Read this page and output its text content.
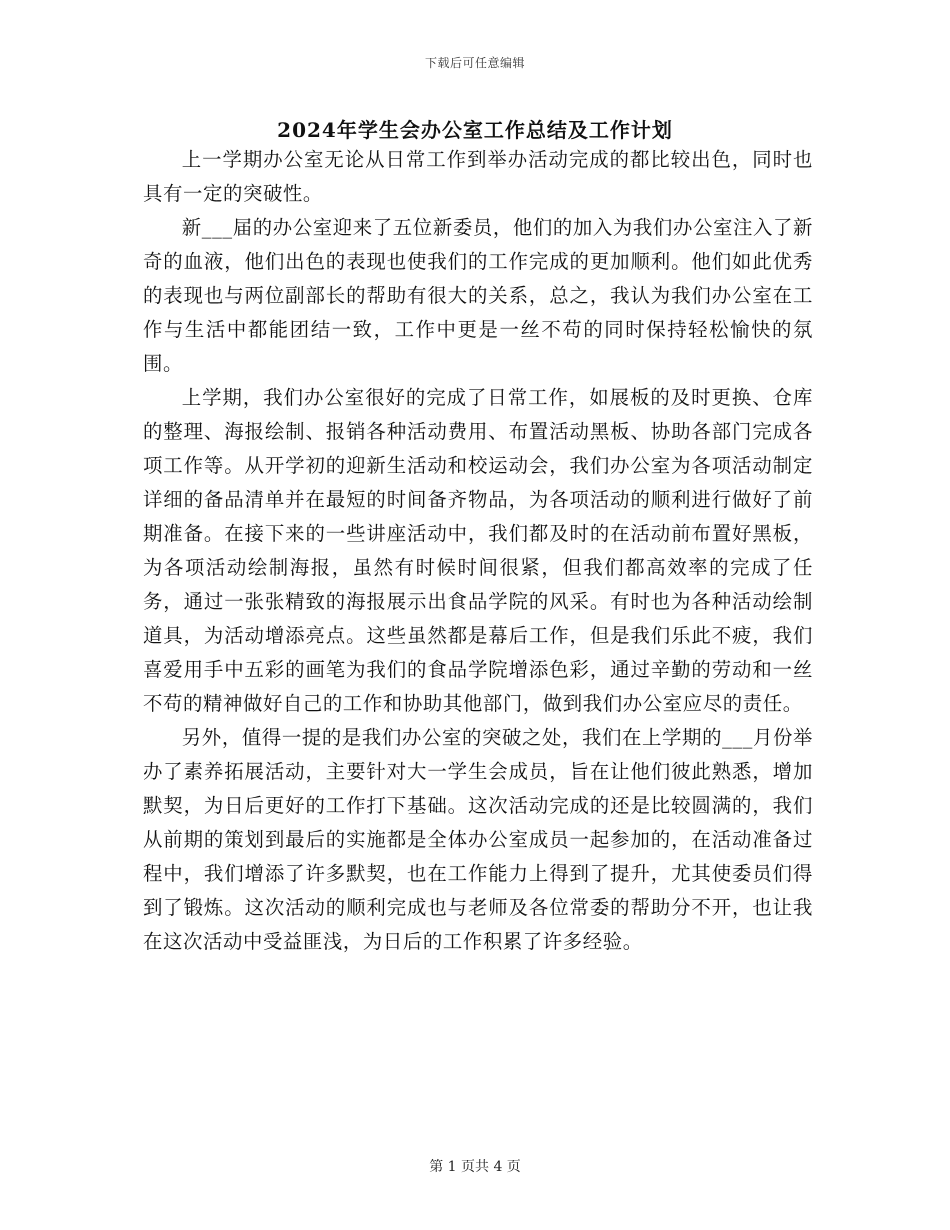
下载后可任意编辑
2024年学生会办公室工作总结及工作计划

上一学期办公室无论从日常工作到举办活动完成的都比较出色，同时也具有一定的突破性。

新___届的办公室迎来了五位新委员，他们的加入为我们办公室注入了新奇的血液，他们出色的表现也使我们的工作完成的更加顺利。他们如此优秀的表现也与两位副部长的帮助有很大的关系，总之，我认为我们办公室在工作与生活中都能团结一致，工作中更是一丝不苟的同时保持轻松愉快的氛围。

上学期，我们办公室很好的完成了日常工作，如展板的及时更换、仓库的整理、海报绘制、报销各种活动费用、布置活动黑板、协助各部门完成各项工作等。从开学初的迎新生活动和校运动会，我们办公室为各项活动制定详细的备品清单并在最短的时间备齐物品，为各项活动的顺利进行做好了前期准备。在接下来的一些讲座活动中，我们都及时的在活动前布置好黑板，为各项活动绘制海报，虽然有时候时间很紧，但我们都高效率的完成了任务，通过一张张精致的海报展示出食品学院的风采。有时也为各种活动绘制道具，为活动增添亮点。这些虽然都是幕后工作，但是我们乐此不疲，我们喜爱用手中五彩的画笔为我们的食品学院增添色彩，通过辛勤的劳动和一丝不苟的精神做好自己的工作和协助其他部门，做到我们办公室应尽的责任。

另外，值得一提的是我们办公室的突破之处，我们在上学期的___月份举办了素养拓展活动，主要针对大一学生会成员，旨在让他们彼此熟悉，增加默契，为日后更好的工作打下基础。这次活动完成的还是比较圆满的，我们从前期的策划到最后的实施都是全体办公室成员一起参加的，在活动准备过程中，我们增添了许多默契，也在工作能力上得到了提升，尤其使委员们得到了锻炼。这次活动的顺利完成也与老师及各位常委的帮助分不开，也让我在这次活动中受益匪浅，为日后的工作积累了许多经验。

第 1 页共 4 页
